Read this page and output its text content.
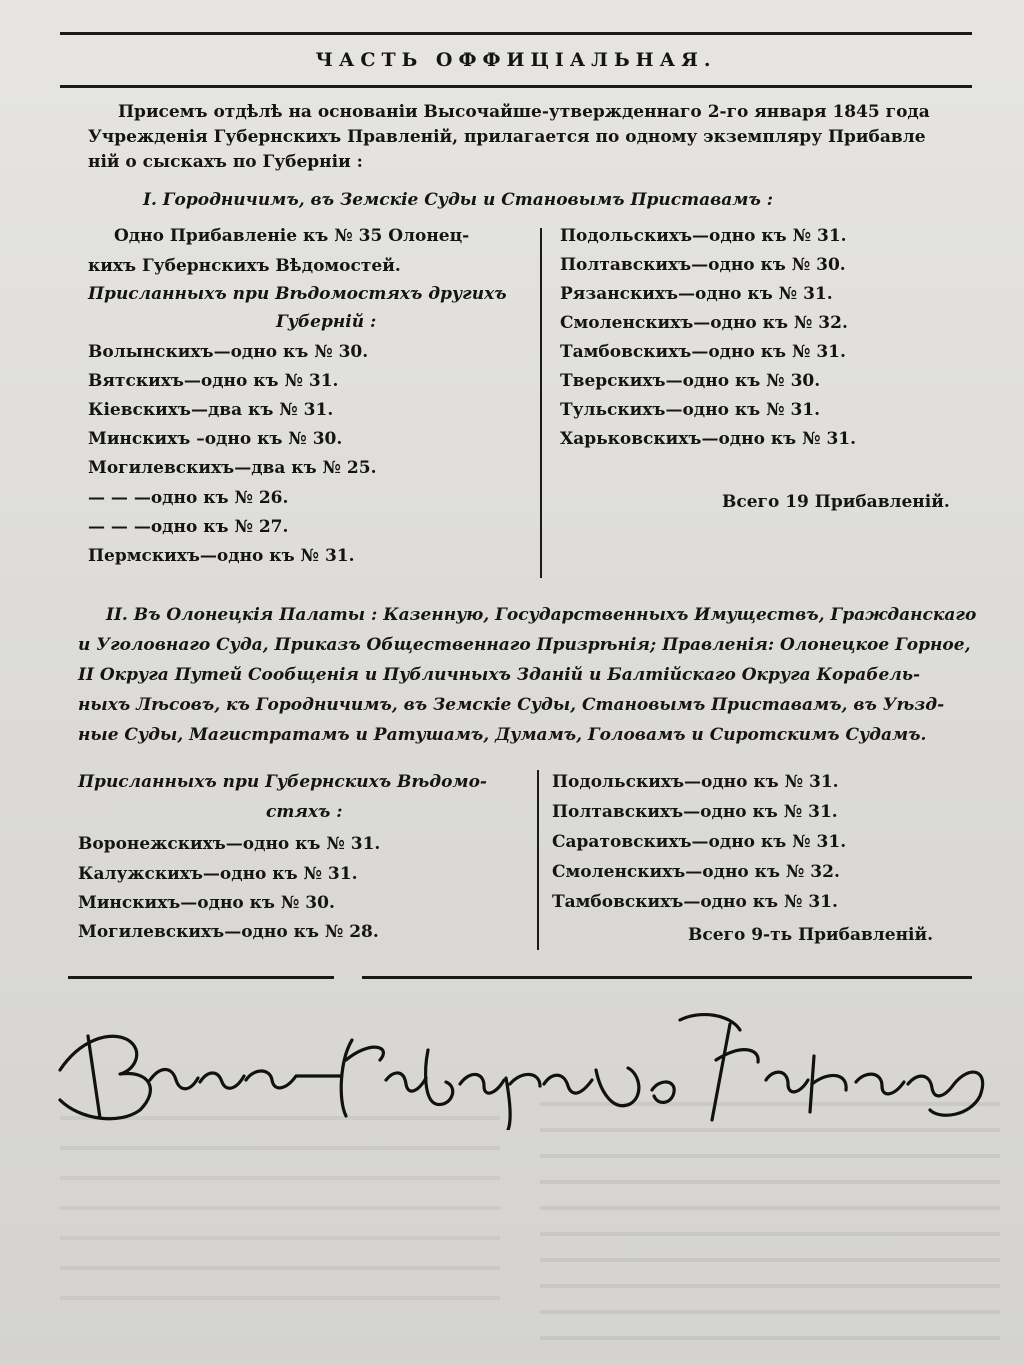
ЧАСТЬ ОФФИЦІАЛЬНАЯ.
Присемъ отдѣлѣ на основаніи Высочайше-утвержденнаго 2-го января 1845 года
Учрежденія Губернскихъ Правленій, прилагается по одному экземпляру Прибавле
ній о сыскахъ по Губерніи :
I. Городничимъ, въ Земскіе Суды и Становымъ Приставамъ :
Одно Прибавленіе къ № 35 Олонец-
кихъ Губернскихъ Вѣдомостей.
Присланныхъ при Вѣдомостяхъ другихъ
Губерній :
Волынскихъ—одно къ № 30.
Вятскихъ—одно къ № 31.
Кіевскихъ—два къ № 31.
Минскихъ –одно къ № 30.
Могилевскихъ—два къ № 25.
— — —одно къ № 26.
— — —одно къ № 27.
Пермскихъ—одно къ № 31.
Подольскихъ—одно къ № 31.
Полтавскихъ—одно къ № 30.
Рязанскихъ—одно къ № 31.
Смоленскихъ—одно къ № 32.
Тамбовскихъ—одно къ № 31.
Тверскихъ—одно къ № 30.
Тульскихъ—одно къ № 31.
Харьковскихъ—одно къ № 31.
Всего 19 Прибавленій.
II. Въ Олонецкія Палаты : Казенную, Государственныхъ Имуществъ, Гражданскаго
и Уголовнаго Суда, Приказъ Общественнаго Призрѣнія; Правленія: Олонецкое Горное,
II Округа Путей Сообщенія и Публичныхъ Зданій и Балтійскаго Округа Корабель-
ныхъ Лѣсовъ, къ Городничимъ, въ Земскіе Суды, Становымъ Приставамъ, въ Уѣзд-
ные Суды, Магистратамъ и Ратушамъ, Думамъ, Головамъ и Сиротскимъ Судамъ.
Присланныхъ при Губернскихъ Вѣдомо-
стяхъ :
Воронежскихъ—одно къ № 31.
Калужскихъ—одно къ № 31.
Минскихъ—одно къ № 30.
Могилевскихъ—одно къ № 28.
Подольскихъ—одно къ № 31.
Полтавскихъ—одно къ № 31.
Саратовскихъ—одно къ № 31.
Смоленскихъ—одно къ № 32.
Тамбовскихъ—одно къ № 31.
Всего 9-ть Прибавленій.
